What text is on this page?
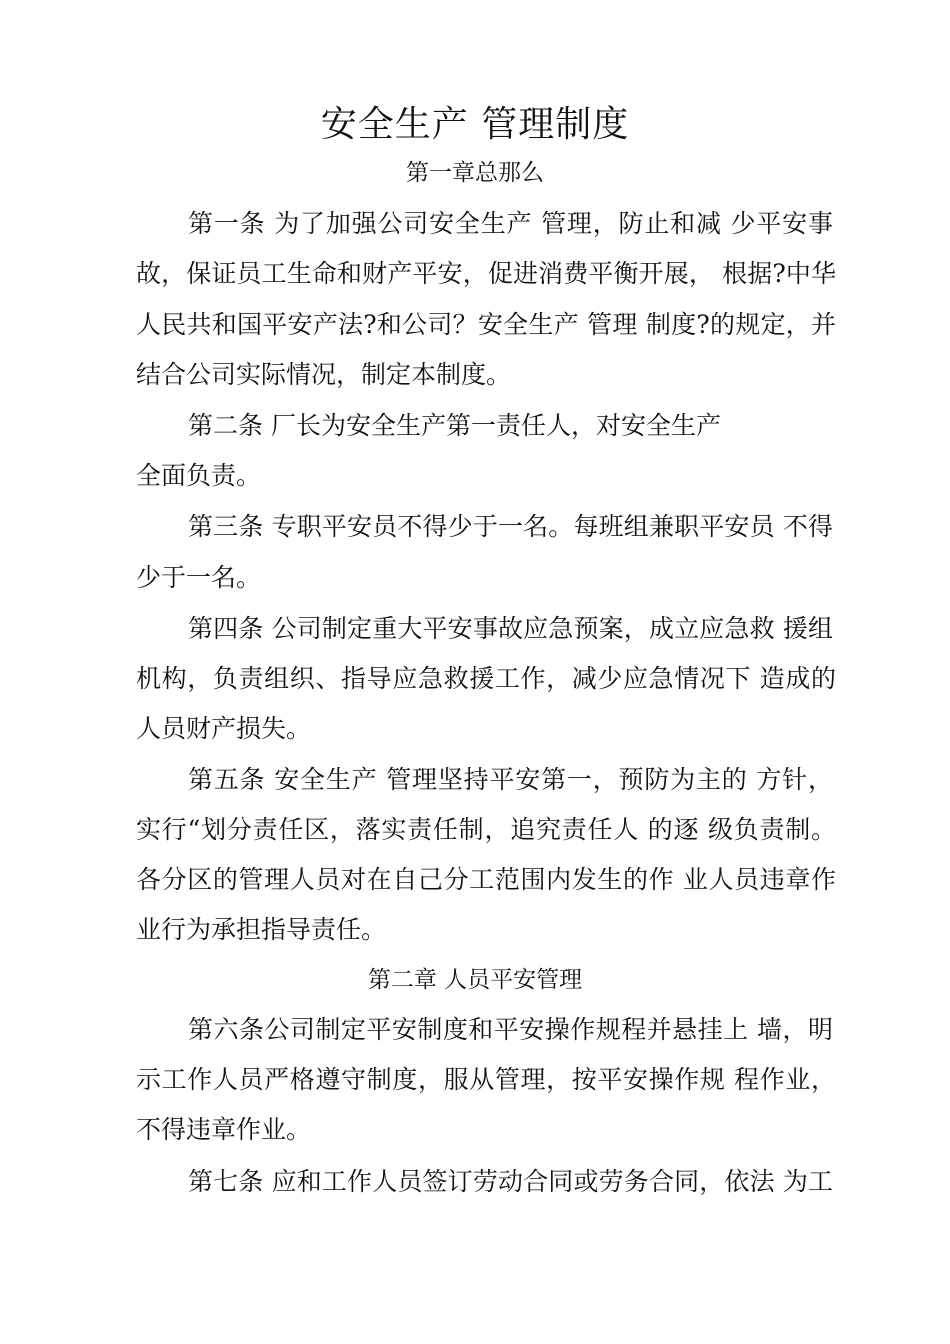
安全生产 管理制度
第一章总那么
第一条 为了加强公司安全生产 管理，防止和减 少平安事
故，保证员工生命和财产平安，促进消费平衡开展， 根据?中华
人民共和国平安产法?和公司？安全生产 管理 制度?的规定，并
结合公司实际情况，制定本制度。
第二条 厂长为安全生产第一责任人，对安全生产
全面负责。
第三条 专职平安员不得少于一名。每班组兼职平安员 不得
少于一名。
第四条 公司制定重大平安事故应急预案，成立应急救 援组
机构，负责组织、指导应急救援工作，减少应急情况下 造成的
人员财产损失。
第五条 安全生产 管理坚持平安第一，预防为主的 方针，
实行“划分责任区，落实责任制，追究责任人 的逐 级负责制。
各分区的管理人员对在自己分工范围内发生的作 业人员违章作
业行为承担指导责任。
第二章 人员平安管理
第六条公司制定平安制度和平安操作规程并悬挂上 墙，明
示工作人员严格遵守制度，服从管理，按平安操作规 程作业，
不得违章作业。
第七条 应和工作人员签订劳动合同或劳务合同，依法 为工
